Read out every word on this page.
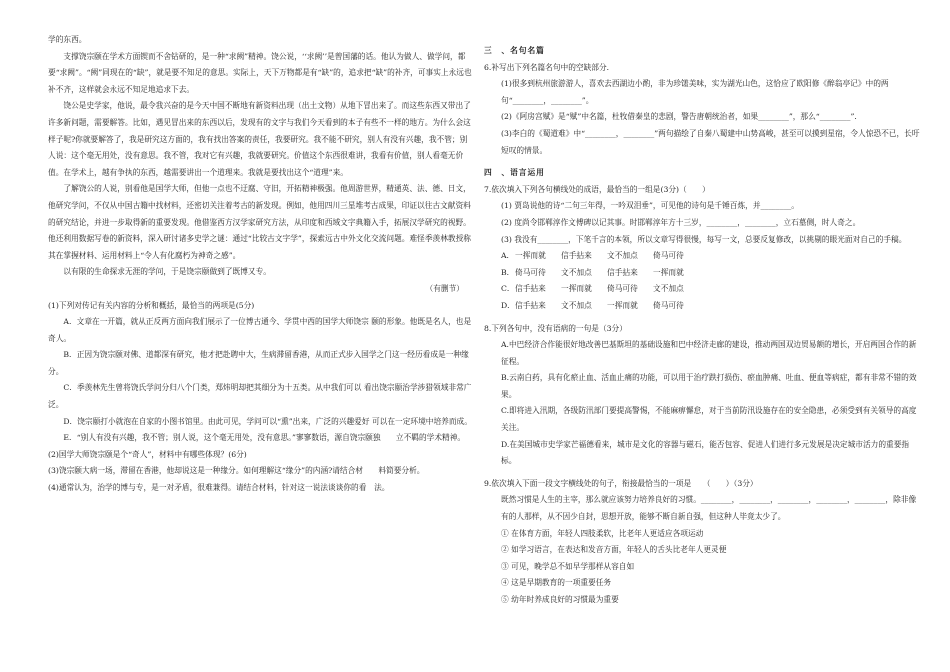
学的东西。

支撑饶宗颐在学术方面锲而不舍钻研的，是一种“求阙”精神。饶公说，‘‘求阙’’是曾国藩的话。他认为做人、做学问，都要“求阙”。“阙”同现在的“缺”，就是要不知足的意思。实际上，天下万物都是有“缺”的，追求把“缺”的补齐，可事实上永远也补不齐，这样就会永远不知足地追求下去。

饶公是史学家，他说，最令我兴奋的是今天中国不断地有新资料出现（出土文物）从地下冒出来了。而这些东西又带出了许多新问题，需要解答。比如，遇见冒出来的东西以后，发现有的文字与我们今天看到的本子有些不一样的地方。为什么会这样子呢?你就要解答了，我是研究这方面的，我有找出答案的责任，我要研究。我不能不研究，别人有没有兴趣，我不管；别人说：这个毫无用处，没有意思。我不管，我对它有兴趣，我就要研究。价值这个东西很难讲，我看有价值，别人看毫无价值。在学术上，越有争执的东西，越需要讲出一个道理来。我就是要找出这个“道理”来。

了解饶公的人说，别看他是国学大师，但他一点也不迂腐、守旧，开拓精神极强。他周游世界，精通英、法、德、日文，他研究学问，不仅从中国古籍中找材料，还密切关注着考古的新发现。例如，他用四川三星堆考古成果，印证以往古文献资料的研究结论，并进一步取得新的重要发现。他借鉴西方汉学家研究方法，从印度和西域文字典籍入手，拓展汉学研究的视野。他还利用数据写卷的新资料，深入研讨诸多史学之谜：通过“比较古文字学”，探索远古中外文化交流问题。难怪季羡林教授称其在掌握材料、运用材料上“令人有化腐朽为神奇之感”。

以有限的生命探求无涯的学问，于是饶宗颐做到了既博又专。

（有删节）

(1)下列对传记有关内容的分析和概括，最恰当的两项是(5分)

A．文章在一开篇，就从正反两方面向我们展示了一位博古通今、学贯中西的国学大师饶宗 颐的形象。他既是名人，也是奇人。

B．正因为饶宗颐对佛、道都深有研究，他才把赴聘中大，生病滞留香港，从而正式步入国学之门这一经历看成是一种缘分。

C．季羡林先生曾将饶氏学问分归八个门类，郑炜明却把其细分为十五类。从中我们可以 看出饶宗颐治学涉猎领域非常广泛。

D．饶宗颐打小就泡在自家的小图书馆里。由此可见，学问可以“熏”出来，广泛的兴趣爱好 可以在一定环境中培养而成。

E．“别人有没有兴趣，我不管；别人说，这个毫无用处，没有意思。”寥寥数语，源自饶宗颐独　　立不羁的学术精神。

(2)国学大师饶宗颐是个“奇人”，材料中有哪些体现？(6分)

(3)饶宗颐大病一场，滞留在香港，他却说这是一种缘分。如何理解这“缘分”的内涵?请结合材　　料简要分析。

(4)通常认为，治学的博与专，是一对矛盾，很难兼得。请结合材料，针对这一说法谈谈你的看　法。

三　、名句名篇

6.补写出下列名篇名句中的空缺部分．

(1)很多到杭州旅游游人，喜欢去西湖边小酌，非为珍馐美味，实为湖光山色，这恰应了欧阳修《醉翁亭记》中的两句“________，________”。

(2)《阿房宫赋》是“赋”中名篇，杜牧借秦皇的悲剧，警告唐朝统治者，如果________”，那么“________”．

(3)李白的《蜀道难》中“________，________”两句描绘了自秦八蜀建中山势高峻，甚至可以摸到星宿，令人惊恐不已，长吁短叹的情景。

四　、语言运用

7.依次填入下列各句横线处的成语，最恰当的一组是(3分)（　　）

(1) 贾岛说他的诗“二句三年得，一吟双泪垂”，可见他的诗句是千锤百炼，并________。

(2) 度尚令邯郸淳作文傅碑以记其事。时邯郸淳年方十三岁，________，________，立石墓侧，时人奇之。

(3) 我没有________，下笔千言的本领，所以文章写得很慢，每写一文，总要反复修改，以挑剔的眼光面对自己的手稿。

A． 一挥而就	信手拈来	文不加点	倚马可待
B． 倚马可待	文不加点	信手拈来	一挥而就
C． 信手拈来	一挥而就	倚马可待	文不加点
D． 信手拈来	文不加点	一挥而就	倚马可待

8.下列各句中，没有语病的一句是（3分）

A.中巴经济合作能很好地改善巴基斯坦的基础设施和巴中经济走廊的建设，推动两国双边贸易额的增长，开启两国合作的新征程。

B.云南白药，具有化瘀止血、活血止痛的功能，可以用于治疗跌打损伤、瘀血肿痛、吐血、便血等病症，都有非常不错的效果。

C.即将进入汛期，各级防汛部门要提高警惕，不能麻痹懈怠，对于当前防汛设施存在的安全隐患，必须受到有关领导的高度关注。

D.在美国城市史学家芒福德看来，城市是文化的容器与磁石，能否包容、促进人们进行多元发展是决定城市活力的重要指标。

9.依次填入下面一段文字横线处的句子，衔接最恰当的一项是　　（　　）（3分）

既然习惯是人生的主宰，那么就应该努力培养良好的习惯。________，________，________，________，________，除非像有的人那样，从不因少自封，思想开放，能够不断自新自强，但这种人毕竟太少了。

① 在体育方面，年轻人四肢柔软，比老年人更适应各项运动

② 如学习语言，在表达和发音方面，年轻人的舌头比老年人更灵便

③ 可见，晚学总不如早学那样从容自如

④ 这是早期教育的一项重要任务

⑤ 幼年时养成良好的习惯最为重要
